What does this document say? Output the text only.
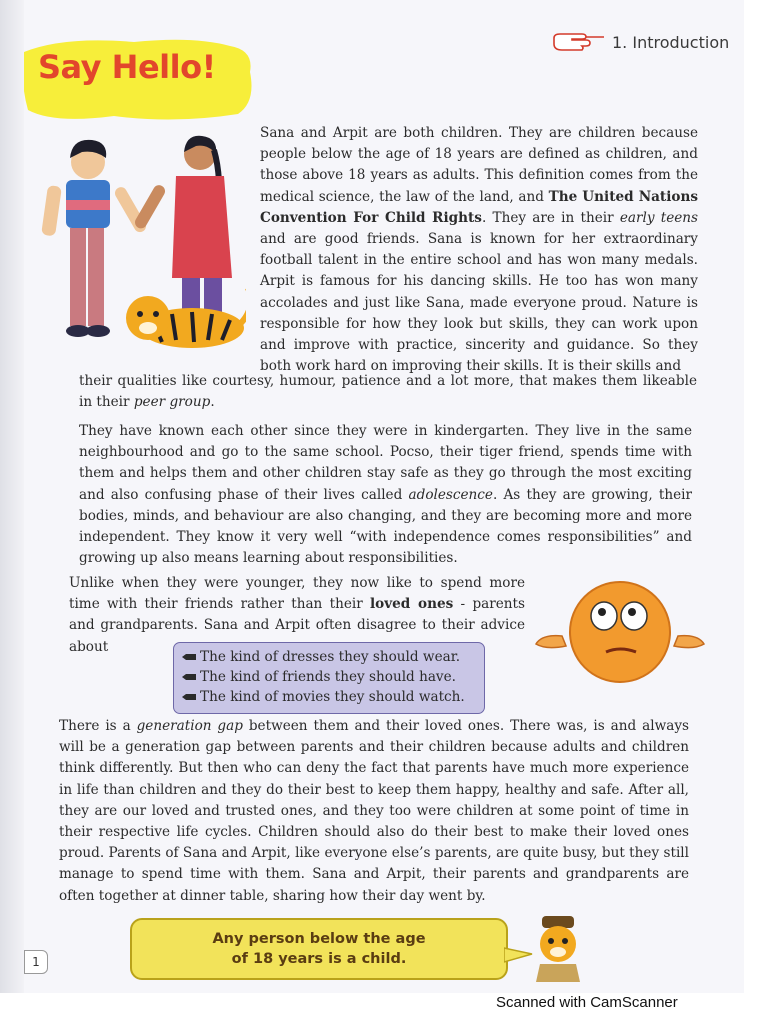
1. Introduction
Say Hello!

Sana and Arpit are both children. They are children because people below the age of 18 years are defined as children, and those above 18 years as adults. This definition comes from the medical science, the law of the land, and The United Nations Convention For Child Rights. They are in their early teens and are good friends. Sana is known for her extraordinary football talent in the entire school and has won many medals. Arpit is famous for his dancing skills. He too has won many accolades and just like Sana, made everyone proud. Nature is responsible for how they look but skills, they can work upon and improve with practice, sincerity and guidance. So they both work hard on improving their skills. It is their skills and

their qualities like courtesy, humour, patience and a lot more, that makes them likeable in their peer group.

They have known each other since they were in kindergarten. They live in the same neighbourhood and go to the same school. Pocso, their tiger friend, spends time with them and helps them and other children stay safe as they go through the most exciting and also confusing phase of their lives called adolescence. As they are growing, their bodies, minds, and behaviour are also changing, and they are becoming more and more independent. They know it very well “with independence comes responsibilities” and growing up also means learning about responsibilities.

Unlike when they were younger, they now like to spend more time with their friends rather than their loved ones - parents and grandparents. Sana and Arpit often disagree to their advice about

The kind of dresses they should wear.
The kind of friends they should have.
The kind of movies they should watch.

There is a generation gap between them and their loved ones. There was, is and always will be a generation gap between parents and their children because adults and children think differently. But then who can deny the fact that parents have much more experience in life than children and they do their best to keep them happy, healthy and safe. After all, they are our loved and trusted ones, and they too were children at some point of time in their respective life cycles. Children should also do their best to make their loved ones proud. Parents of Sana and Arpit, like everyone else’s parents, are quite busy, but they still manage to spend time with them. Sana and Arpit, their parents and grandparents are often together at dinner table, sharing how their day went by.

Any person below the age
of 18 years is a child.
1
Scanned with CamScanner
